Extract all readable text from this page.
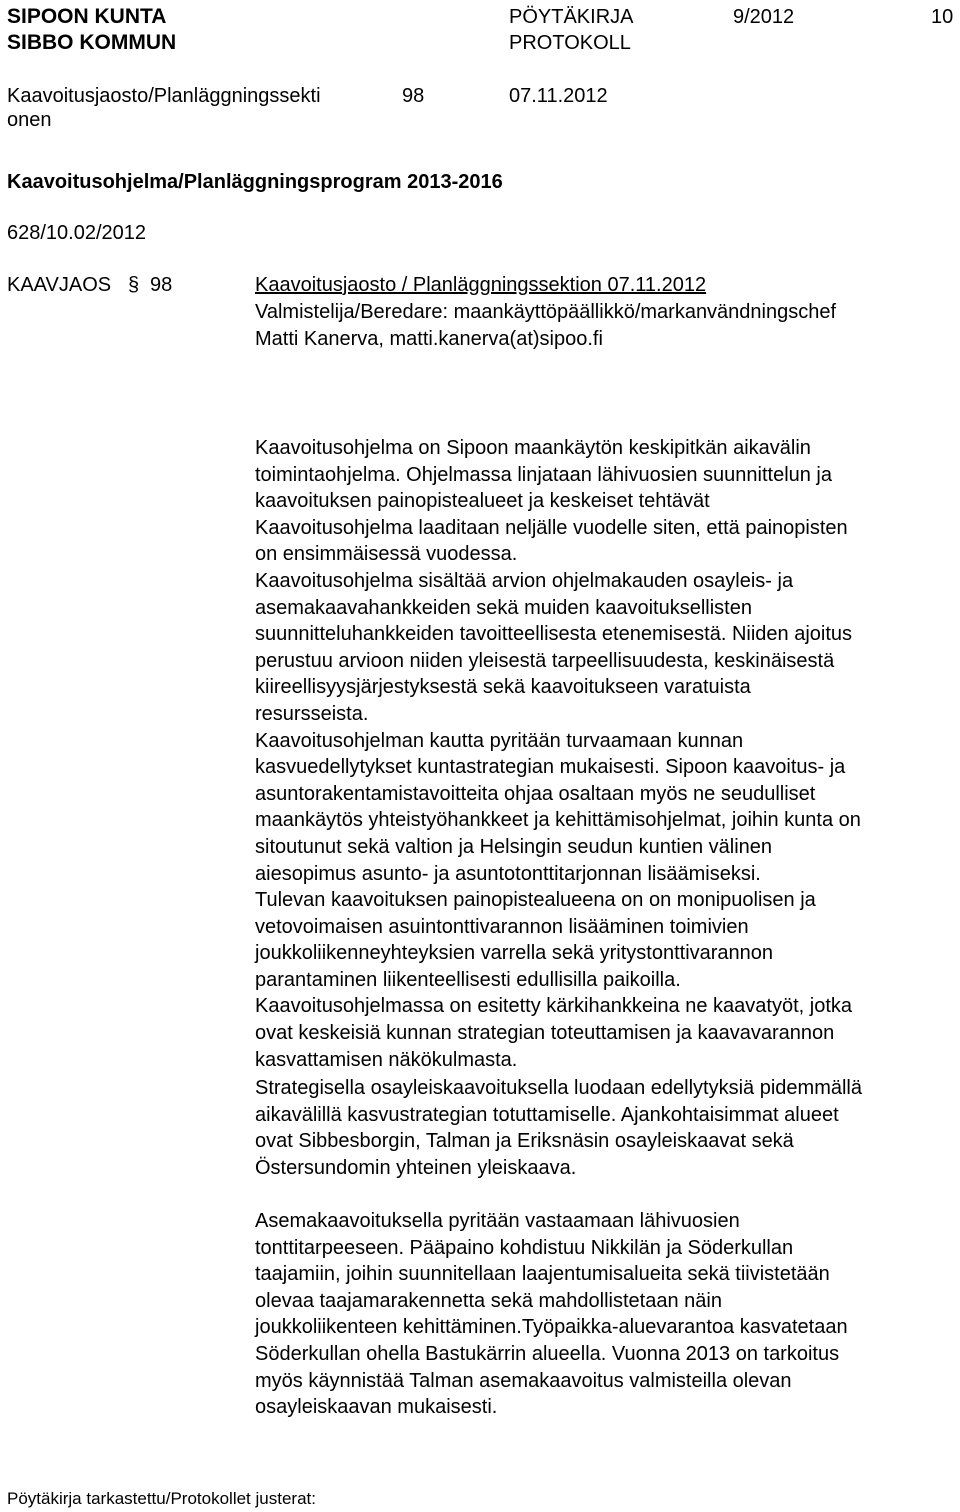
SIPOON KUNTA
SIBBO KOMMUN
PÖYTÄKIRJA
PROTOKOLL
9/2012	10
Kaavoitusjaosto/Planläggningssekti
onen
98	07.11.2012
Kaavoitusohjelma/Planläggningsprogram 2013-2016
628/10.02/2012
KAAVJAOS § 98	Kaavoitusjaosto / Planläggningssektion 07.11.2012
Valmistelija/Beredare: maankäyttöpäällikkö/markanvändningschef
Matti Kanerva, matti.kanerva(at)sipoo.fi
Kaavoitusohjelma on Sipoon maankäytön keskipitkän aikavälin
toimintaohjelma. Ohjelmassa linjataan lähivuosien suunnittelun ja
kaavoituksen painopistealueet ja keskeiset tehtävät
Kaavoitusohjelma laaditaan neljälle vuodelle siten, että painopisten
on ensimmäisessä vuodessa.
Kaavoitusohjelma sisältää arvion ohjelmakauden osayleis- ja
asemakaavahankkeiden sekä muiden kaavoituksellisten
suunnitteluhankkeiden tavoitteellisesta etenemisestä. Niiden ajoitus
perustuu arvioon niiden yleisestä tarpeellisuudesta, keskinäisestä
kiireellisyysjärjestyksestä sekä kaavoitukseen varatuista
resursseista.
Kaavoitusohjelman kautta pyritään turvaamaan kunnan
kasvuedellytykset kuntastrategian mukaisesti. Sipoon kaavoitus- ja
asuntorakentamistavoitteita ohjaa osaltaan myös ne seudulliset
maankäytös yhteistyöhankkeet ja kehittämisohjelmat, joihin kunta on
sitoutunut sekä valtion ja Helsingin seudun kuntien välinen
aiesopimus asunto- ja asuntotonttitarjonnan lisäämiseksi.
Tulevan kaavoituksen painopistealueena on on monipuolisen ja
vetovoimaisen asuintonttivarannon lisääminen toimivien
joukkoliikenneyhteyksien varrella sekä yritystonttivarannon
parantaminen liikenteellisesti edullisilla paikoilla.
Kaavoitusohjelmassa on esitetty kärkihankkeina ne kaavatyöt, jotka
ovat keskeisiä kunnan strategian toteuttamisen ja kaavavarannon
kasvattamisen näkökulmasta.
Strategisella osayleiskaavoituksella luodaan edellytyksiä pidemmällä
aikavälillä kasvustrategian totuttamiselle. Ajankohtaisimmat alueet
ovat Sibbesborgin, Talman ja Eriksnäsin osayleiskaavat sekä
Östersundomin yhteinen yleiskaava.
Asemakaavoituksella pyritään vastaamaan lähivuosien
tonttitarpeeseen. Pääpaino kohdistuu Nikkilän ja Söderkullan
taajamiin, joihin suunnitellaan laajentumisalueita sekä tiivistetään
olevaa taajamarakennetta sekä mahdollistetaan näin
joukkoliikenteen kehittäminen.Työpaikka-aluevarantoa kasvatetaan
Söderkullan ohella Bastukärrin alueella. Vuonna 2013 on tarkoitus
myös käynnistää Talman asemakaavoitus valmisteilla olevan
osayleiskaavan mukaisesti.
Pöytäkirja tarkastettu/Protokollet justerat:
